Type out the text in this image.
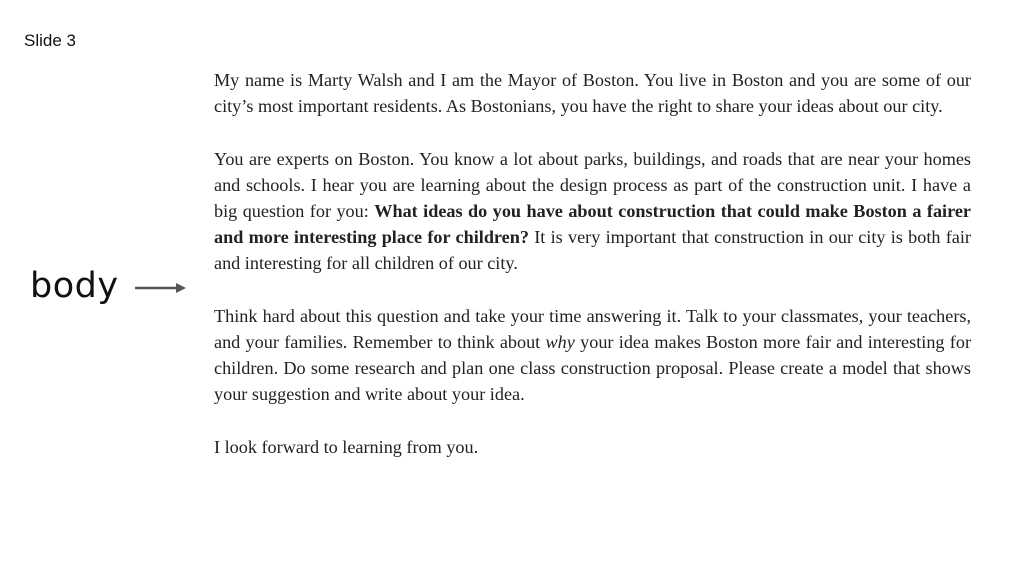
Slide 3
body

My name is Marty Walsh and I am the Mayor of Boston. You live in Boston and you are some of our city’s most important residents. As Bostonians, you have the right to share your ideas about our city.

You are experts on Boston. You know a lot about parks, buildings, and roads that are near your homes and schools. I hear you are learning about the design process as part of the construction unit. I have a big question for you: What ideas do you have about construction that could make Boston a fairer and more interesting place for children? It is very important that construction in our city is both fair and interesting for all children of our city.

Think hard about this question and take your time answering it. Talk to your classmates, your teachers, and your families. Remember to think about why your idea makes Boston more fair and interesting for children. Do some research and plan one class construction proposal. Please create a model that shows your suggestion and write about your idea.

I look forward to learning from you.
